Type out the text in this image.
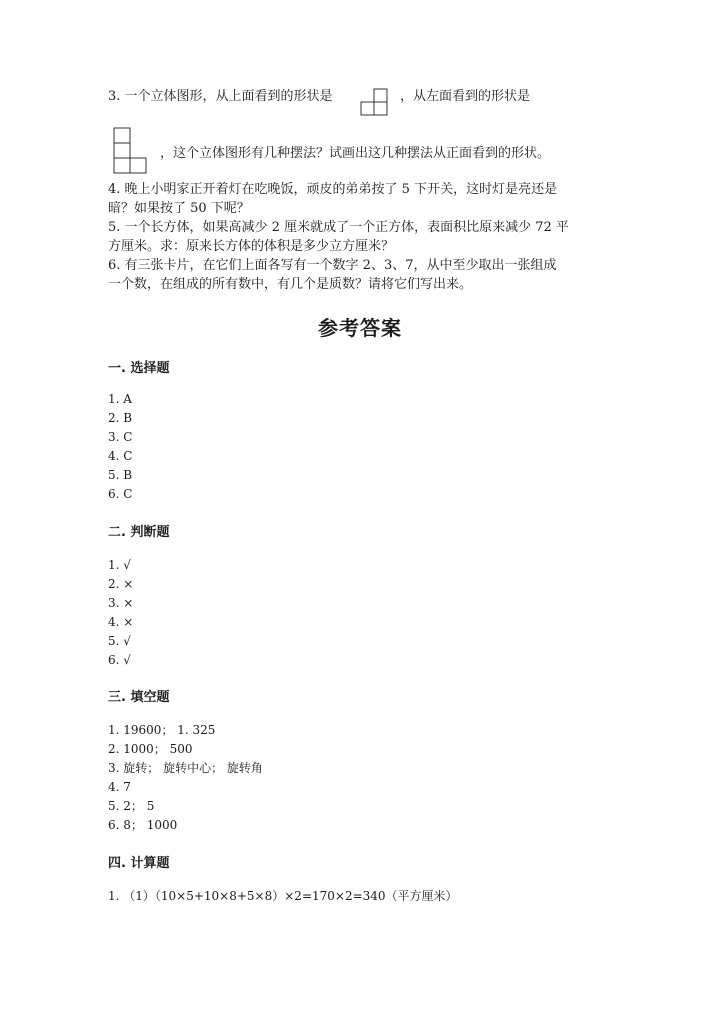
3. 一个立体图形，从上面看到的形状是	，从左面看到的形状是
，这个立体图形有几种摆法？试画出这几种摆法从正面看到的形状。
4. 晚上小明家正开着灯在吃晚饭，顽皮的弟弟按了 5 下开关，这时灯是亮还是
暗？如果按了 50 下呢？
5. 一个长方体，如果高减少 2 厘米就成了一个正方体，表面积比原来减少 72 平
方厘米。求：原来长方体的体积是多少立方厘米？
6. 有三张卡片，在它们上面各写有一个数字 2、3、7，从中至少取出一张组成
一个数，在组成的所有数中，有几个是质数？请将它们写出来。
参考答案
一. 选择题
1. A
2. B
3. C
4. C
5. B
6. C
二. 判断题
1. √
2. ×
3. ×
4. ×
5. √
6. √
三. 填空题
1. 19600； 1. 325
2. 1000； 500
3. 旋转； 旋转中心； 旋转角
4. 7
5. 2； 5
6. 8； 1000
四. 计算题
1. （1）（10×5+10×8+5×8）×2=170×2=340（平方厘米）
